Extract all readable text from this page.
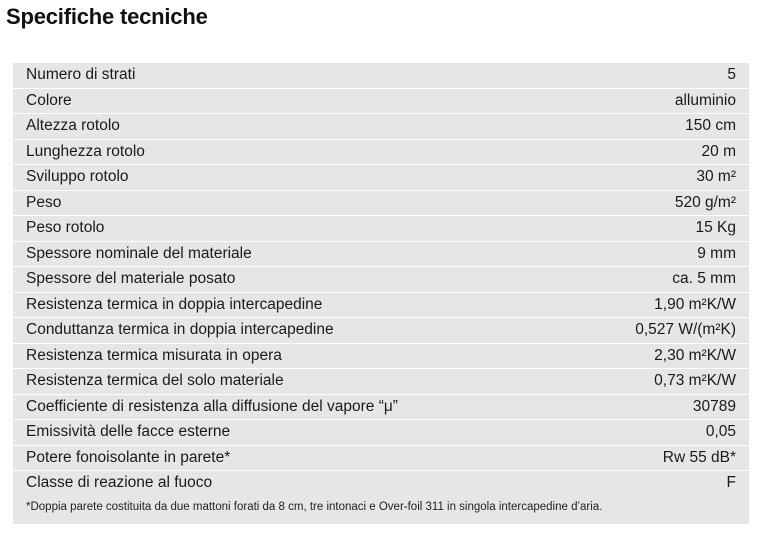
Specifiche tecniche
Numero di strati	5
Colore	alluminio
Altezza rotolo	150 cm
Lunghezza rotolo	20 m
Sviluppo rotolo	30 m²
Peso	520 g/m²
Peso rotolo	15 Kg
Spessore nominale del materiale	9 mm
Spessore del materiale posato	ca. 5 mm
Resistenza termica in doppia intercapedine	1,90 m²K/W
Conduttanza termica in doppia intercapedine	0,527 W/(m²K)
Resistenza termica misurata in opera	2,30 m²K/W
Resistenza termica del solo materiale	0,73 m²K/W
Coefficiente di resistenza alla diffusione del vapore “μ”	30789
Emissività delle facce esterne	0,05
Potere fonoisolante in parete*	Rw 55 dB*
Classe di reazione al fuoco	F
*Doppia parete costituita da due mattoni forati da 8 cm, tre intonaci e Over-foil 311 in singola intercapedine d’aria.
